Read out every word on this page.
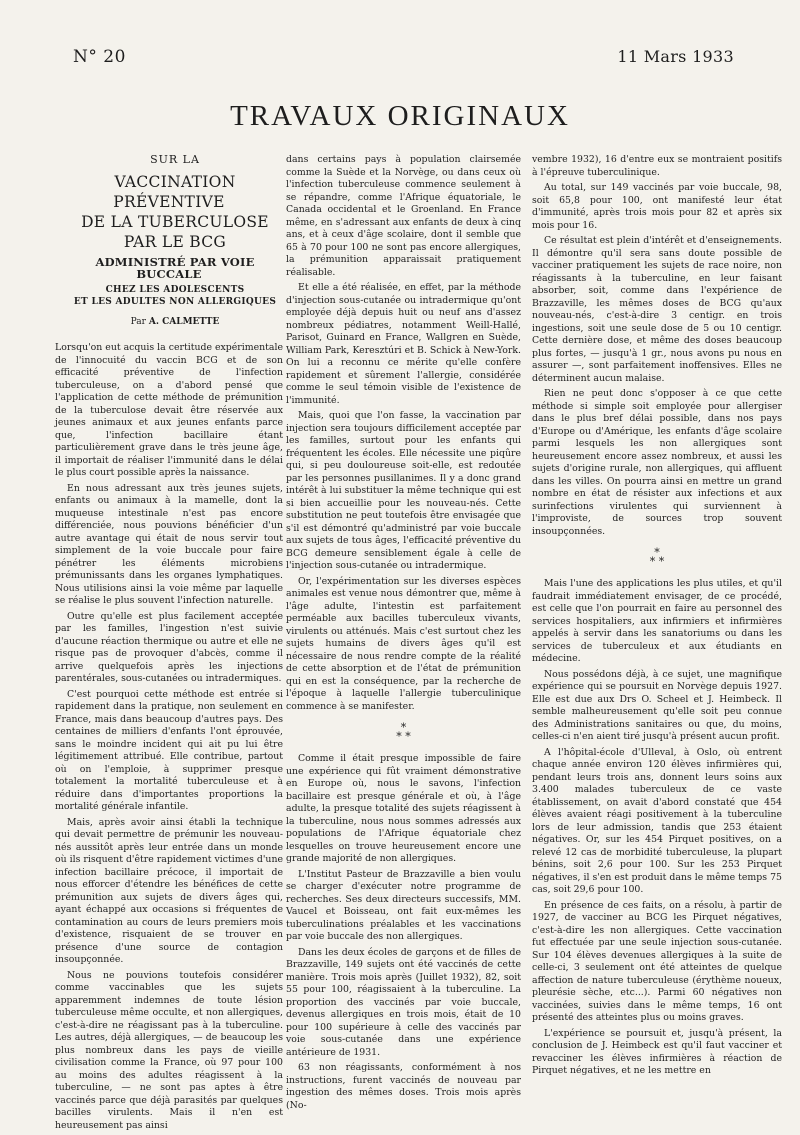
N° 20	11 Mars 1933
TRAVAUX ORIGINAUX

SUR LA

VACCINATION PRÉVENTIVE

DE LA TUBERCULOSE

PAR LE BCG

ADMINISTRÉ PAR VOIE BUCCALE

CHEZ LES ADOLESCENTS

ET LES ADULTES NON ALLERGIQUES

Par A. CALMETTE

Lorsqu'on eut acquis la certitude expérimentale de l'innocuité du vaccin BCG et de son efficacité préventive de l'infection tuberculeuse, on a d'abord pensé que l'application de cette méthode de prémunition de la tuberculose devait être réservée aux jeunes animaux et aux jeunes enfants parce que, l'infection bacillaire étant particulièrement grave dans le très jeune âge, il importait de réaliser l'immunité dans le délai le plus court possible après la naissance.

En nous adressant aux très jeunes sujets, enfants ou animaux à la mamelle, dont la muqueuse intestinale n'est pas encore différenciée, nous pouvions bénéficier d'un autre avantage qui était de nous servir tout simplement de la voie buccale pour faire pénétrer les éléments microbiens prémunissants dans les organes lymphatiques. Nous utilisions ainsi la voie même par laquelle se réalise le plus souvent l'infection naturelle.

Outre qu'elle est plus facilement acceptée par les familles, l'ingestion n'est suivie d'aucune réaction thermique ou autre et elle ne risque pas de provoquer d'abcès, comme il arrive quelquefois après les injections parentérales, sous-cutanées ou intradermiques.

C'est pourquoi cette méthode est entrée si rapidement dans la pratique, non seulement en France, mais dans beaucoup d'autres pays. Des centaines de milliers d'enfants l'ont éprouvée, sans le moindre incident qui ait pu lui être légitimement attribué. Elle contribue, partout où on l'emploie, à supprimer presque totalement la mortalité tuberculeuse et à réduire dans d'importantes proportions la mortalité générale infantile.

Mais, après avoir ainsi établi la technique qui devait permettre de prémunir les nouveau-nés aussitôt après leur entrée dans un monde où ils risquent d'être rapidement victimes d'une infection bacillaire précoce, il importait de nous efforcer d'étendre les bénéfices de cette prémunition aux sujets de divers âges qui, ayant échappé aux occasions si fréquentes de contamination au cours de leurs premiers mois d'existence, risquaient de se trouver en présence d'une source de contagion insoupçonnée.

Nous ne pouvions toutefois considérer comme vaccinables que les sujets apparemment indemnes de toute lésion tuberculeuse même occulte, et non allergiques, c'est-à-dire ne réagissant pas à la tuberculine. Les autres, déjà allergiques, — de beaucoup les plus nombreux dans les pays de vieille civilisation comme la France, où 97 pour 100 au moins des adultes réagissent à la tuberculine, — ne sont pas aptes à être vaccinés parce que déjà parasités par quelques bacilles virulents. Mais il n'en est heureusement pas ainsi

dans certains pays à population clairsemée comme la Suède et la Norvège, ou dans ceux où l'infection tuberculeuse commence seulement à se répandre, comme l'Afrique équatoriale, le Canada occidental et le Groenland. En France même, en s'adressant aux enfants de deux à cinq ans, et à ceux d'âge scolaire, dont il semble que 65 à 70 pour 100 ne sont pas encore allergiques, la prémunition apparaissait pratiquement réalisable.

Et elle a été réalisée, en effet, par la méthode d'injection sous-cutanée ou intradermique qu'ont employée déjà depuis huit ou neuf ans d'assez nombreux pédiatres, notamment Weill-Hallé, Parisot, Guinard en France, Wallgren en Suède, William Park, Keresztúri et B. Schick à New-York. On lui a reconnu ce mérite qu'elle confère rapidement et sûrement l'allergie, considérée comme le seul témoin visible de l'existence de l'immunité.

Mais, quoi que l'on fasse, la vaccination par injection sera toujours difficilement acceptée par les familles, surtout pour les enfants qui fréquentent les écoles. Elle nécessite une piqûre qui, si peu douloureuse soit-elle, est redoutée par les personnes pusillanimes. Il y a donc grand intérêt à lui substituer la même technique qui est si bien accueillie pour les nouveau-nés. Cette substitution ne peut toutefois être envisagée que s'il est démontré qu'administré par voie buccale aux sujets de tous âges, l'efficacité préventive du BCG demeure sensiblement égale à celle de l'injection sous-cutanée ou intradermique.

Or, l'expérimentation sur les diverses espèces animales est venue nous démontrer que, même à l'âge adulte, l'intestin est parfaitement perméable aux bacilles tuberculeux vivants, virulents ou atténués. Mais c'est surtout chez les sujets humains de divers âges qu'il est nécessaire de nous rendre compte de la réalité de cette absorption et de l'état de prémunition qui en est la conséquence, par la recherche de l'époque à laquelle l'allergie tuberculinique commence à se manifester.

*
* *

Comme il était presque impossible de faire une expérience qui fût vraiment démonstrative en Europe où, nous le savons, l'infection bacillaire est presque générale et où, à l'âge adulte, la presque totalité des sujets réagissent à la tuberculine, nous nous sommes adressés aux populations de l'Afrique équatoriale chez lesquelles on trouve heureusement encore une grande majorité de non allergiques.

L'Institut Pasteur de Brazzaville a bien voulu se charger d'exécuter notre programme de recherches. Ses deux directeurs successifs, MM. Vaucel et Boisseau, ont fait eux-mêmes les tuberculinations préalables et les vaccinations par voie buccale des non allergiques.

Dans les deux écoles de garçons et de filles de Brazzaville, 149 sujets ont été vaccinés de cette manière. Trois mois après (Juillet 1932), 82, soit 55 pour 100, réagissaient à la tuberculine. La proportion des vaccinés par voie buccale, devenus allergiques en trois mois, était de 10 pour 100 supérieure à celle des vaccinés par voie sous-cutanée dans une expérience antérieure de 1931.

63 non réagissants, conformément à nos instructions, furent vaccinés de nouveau par ingestion des mêmes doses. Trois mois après (No-

vembre 1932), 16 d'entre eux se montraient positifs à l'épreuve tuberculinique.

Au total, sur 149 vaccinés par voie buccale, 98, soit 65,8 pour 100, ont manifesté leur état d'immunité, après trois mois pour 82 et après six mois pour 16.

Ce résultat est plein d'intérêt et d'enseignements. Il démontre qu'il sera sans doute possible de vacciner pratiquement les sujets de race noire, non réagissants à la tuberculine, en leur faisant absorber, soit, comme dans l'expérience de Brazzaville, les mêmes doses de BCG qu'aux nouveau-nés, c'est-à-dire 3 centigr. en trois ingestions, soit une seule dose de 5 ou 10 centigr. Cette dernière dose, et même des doses beaucoup plus fortes, — jusqu'à 1 gr., nous avons pu nous en assurer —, sont parfaitement inoffensives. Elles ne déterminent aucun malaise.

Rien ne peut donc s'opposer à ce que cette méthode si simple soit employée pour allergiser dans le plus bref délai possible, dans nos pays d'Europe ou d'Amérique, les enfants d'âge scolaire parmi lesquels les non allergiques sont heureusement encore assez nombreux, et aussi les sujets d'origine rurale, non allergiques, qui affluent dans les villes. On pourra ainsi en mettre un grand nombre en état de résister aux infections et aux surinfections virulentes qui surviennent à l'improviste, de sources trop souvent insoupçonnées.

*
* *

Mais l'une des applications les plus utiles, et qu'il faudrait immédiatement envisager, de ce procédé, est celle que l'on pourrait en faire au personnel des services hospitaliers, aux infirmiers et infirmières appelés à servir dans les sanatoriums ou dans les services de tuberculeux et aux étudiants en médecine.

Nous possédons déjà, à ce sujet, une magnifique expérience qui se poursuit en Norvège depuis 1927. Elle est due aux Drs O. Scheel et J. Heimbeck. Il semble malheureusement qu'elle soit peu connue des Administrations sanitaires ou que, du moins, celles-ci n'en aient tiré jusqu'à présent aucun profit.

A l'hôpital-école d'Ulleval, à Oslo, où entrent chaque année environ 120 élèves infirmières qui, pendant leurs trois ans, donnent leurs soins aux 3.400 malades tuberculeux de ce vaste établissement, on avait d'abord constaté que 454 élèves avaient réagi positivement à la tuberculine lors de leur admission, tandis que 253 étaient négatives. Or, sur les 454 Pirquet positives, on a relevé 12 cas de morbidité tuberculeuse, la plupart bénins, soit 2,6 pour 100. Sur les 253 Pirquet négatives, il s'en est produit dans le même temps 75 cas, soit 29,6 pour 100.

En présence de ces faits, on a résolu, à partir de 1927, de vacciner au BCG les Pirquet négatives, c'est-à-dire les non allergiques. Cette vaccination fut effectuée par une seule injection sous-cutanée. Sur 104 élèves devenues allergiques à la suite de celle-ci, 3 seulement ont été atteintes de quelque affection de nature tuberculeuse (érythème noueux, pleurésie sèche, etc...). Parmi 60 négatives non vaccinées, suivies dans le même temps, 16 ont présenté des atteintes plus ou moins graves.

L'expérience se poursuit et, jusqu'à présent, la conclusion de J. Heimbeck est qu'il faut vacciner et revacciner les élèves infirmières à réaction de Pirquet négatives, et ne les mettre en
